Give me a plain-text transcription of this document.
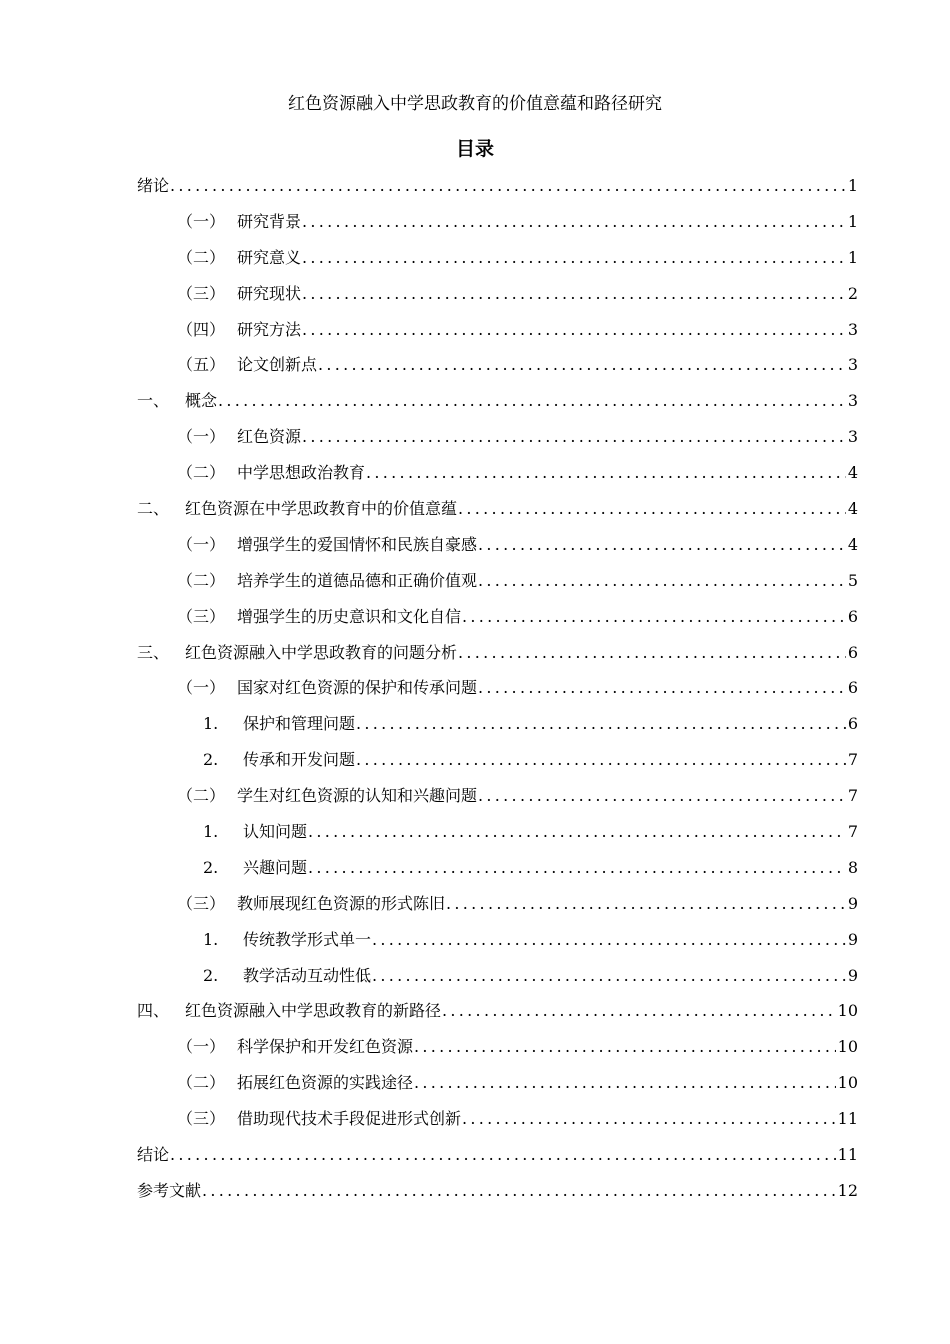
红色资源融入中学思政教育的价值意蕴和路径研究
目录
绪论 .....	1
（一） 研究背景 .....	1
（二） 研究意义 .....	1
（三） 研究现状 .....	2
（四） 研究方法 .....	3
（五） 论文创新点 .....	3
一、 概念 .....	3
（一） 红色资源 .....	3
（二） 中学思想政治教育 .....	4
二、 红色资源在中学思政教育中的价值意蕴 .....	4
（一） 增强学生的爱国情怀和民族自豪感 .....	4
（二） 培养学生的道德品德和正确价值观 .....	5
（三） 增强学生的历史意识和文化自信 .....	6
三、 红色资源融入中学思政教育的问题分析 .....	6
（一） 国家对红色资源的保护和传承问题 .....	6
1.	保护和管理问题 .....	6
2.	传承和开发问题 .....	7
（二） 学生对红色资源的认知和兴趣问题 .....	7
1.	认知问题 .....	7
2.	兴趣问题 .....	8
（三） 教师展现红色资源的形式陈旧 .....	9
1.	传统教学形式单一 .....	9
2.	教学活动互动性低 .....	9
四、 红色资源融入中学思政教育的新路径 .....	10
（一） 科学保护和开发红色资源 .....	10
（二） 拓展红色资源的实践途径 .....	10
（三） 借助现代技术手段促进形式创新 .....	11
结论 .....	11
参考文献 .....	12
